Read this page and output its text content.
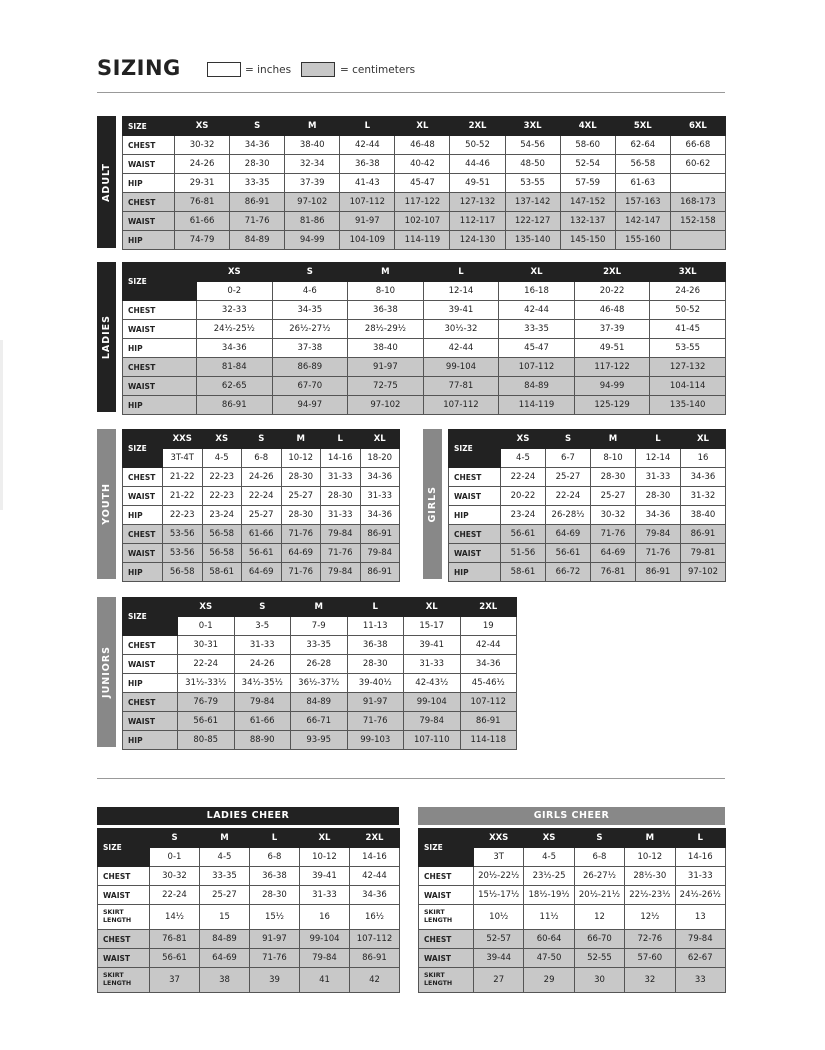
SIZING	= inches	= centimeters
ADULT
LADIES
YOUTH	GIRLS
JUNIORS
LADIES CHEER	GIRLS CHEER
SIZE	XS	S	M	L	XL	2XL	3XL	4XL	5XL	6XL
CHEST	30-32	34-36	38-40	42-44	46-48	50-52	54-56	58-60	62-64	66-68
WAIST	24-26	28-30	32-34	36-38	40-42	44-46	48-50	52-54	56-58	60-62
HIP	29-31	33-35	37-39	41-43	45-47	49-51	53-55	57-59	61-63	
CHEST	76-81	86-91	97-102	107-112	117-122	127-132	137-142	147-152	157-163	168-173
WAIST	61-66	71-76	81-86	91-97	102-107	112-117	122-127	132-137	142-147	152-158
HIP	74-79	84-89	94-99	104-109	114-119	124-130	135-140	145-150	155-160	
SIZE	XS	S	M	L	XL	2XL	3XL
	0-2	4-6	8-10	12-14	16-18	20-22	24-26
CHEST	32-33	34-35	36-38	39-41	42-44	46-48	50-52
WAIST	24½-25½	26½-27½	28½-29½	30½-32	33-35	37-39	41-45
HIP	34-36	37-38	38-40	42-44	45-47	49-51	53-55
CHEST	81-84	86-89	91-97	99-104	107-112	117-122	127-132
WAIST	62-65	67-70	72-75	77-81	84-89	94-99	104-114
HIP	86-91	94-97	97-102	107-112	114-119	125-129	135-140
SIZE	XXS	XS	S	M	L	XL
	3T-4T	4-5	6-8	10-12	14-16	18-20
CHEST	21-22	22-23	24-26	28-30	31-33	34-36
WAIST	21-22	22-23	22-24	25-27	28-30	31-33
HIP	22-23	23-24	25-27	28-30	31-33	34-36
CHEST	53-56	56-58	61-66	71-76	79-84	86-91
WAIST	53-56	56-58	56-61	64-69	71-76	79-84
HIP	56-58	58-61	64-69	71-76	79-84	86-91
SIZE	XS	S	M	L	XL
	4-5	6-7	8-10	12-14	16
CHEST	22-24	25-27	28-30	31-33	34-36
WAIST	20-22	22-24	25-27	28-30	31-32
HIP	23-24	26-28½	30-32	34-36	38-40
CHEST	56-61	64-69	71-76	79-84	86-91
WAIST	51-56	56-61	64-69	71-76	79-81
HIP	58-61	66-72	76-81	86-91	97-102
SIZE	XS	S	M	L	XL	2XL
	0-1	3-5	7-9	11-13	15-17	19
CHEST	30-31	31-33	33-35	36-38	39-41	42-44
WAIST	22-24	24-26	26-28	28-30	31-33	34-36
HIP	31½-33½	34½-35½	36½-37½	39-40½	42-43½	45-46½
CHEST	76-79	79-84	84-89	91-97	99-104	107-112
WAIST	56-61	61-66	66-71	71-76	79-84	86-91
HIP	80-85	88-90	93-95	99-103	107-110	114-118
SIZE	S	M	L	XL	2XL
	0-1	4-5	6-8	10-12	14-16
CHEST	30-32	33-35	36-38	39-41	42-44
WAIST	22-24	25-27	28-30	31-33	34-36

SKIRT
LENGTH	14½	15	15½	16	16½
CHEST	76-81	84-89	91-97	99-104	107-112
WAIST	56-61	64-69	71-76	79-84	86-91

SKIRT
LENGTH	37	38	39	41	42
SIZE	XXS	XS	S	M	L
	3T	4-5	6-8	10-12	14-16
CHEST	20½-22½	23½-25	26-27½	28½-30	31-33
WAIST	15½-17½	18½-19½	20½-21½	22½-23½	24½-26½

SKIRT
LENGTH	10½	11½	12	12½	13
CHEST	52-57	60-64	66-70	72-76	79-84
WAIST	39-44	47-50	52-55	57-60	62-67

SKIRT
LENGTH	27	29	30	32	33
